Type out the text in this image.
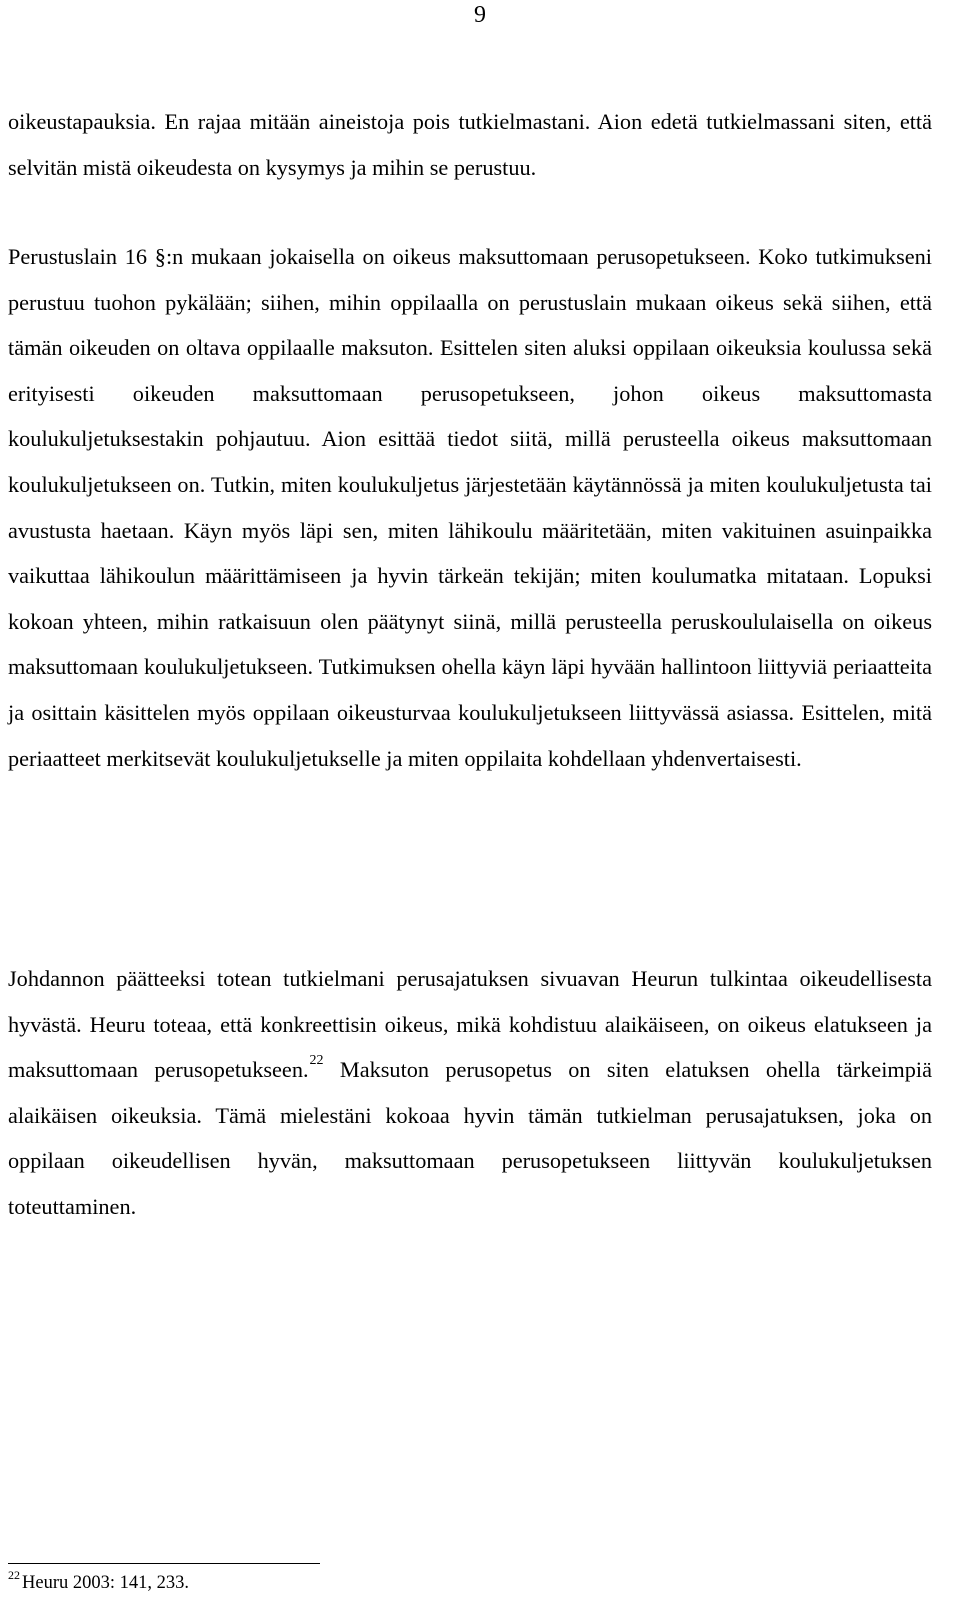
9

oikeustapauksia. En rajaa mitään aineistoja pois tutkielmastani. Aion edetä tutkielmassani siten, että selvitän mistä oikeudesta on kysymys ja mihin se perustuu.

Perustuslain 16 §:n mukaan jokaisella on oikeus maksuttomaan perusopetukseen. Koko tutkimukseni perustuu tuohon pykälään; siihen, mihin oppilaalla on perustuslain mukaan oikeus sekä siihen, että tämän oikeuden on oltava oppilaalle maksuton. Esittelen siten aluksi oppilaan oikeuksia koulussa sekä erityisesti oikeuden maksuttomaan perusopetukseen, johon oikeus maksuttomasta koulukuljetuksestakin pohjautuu. Aion esittää tiedot siitä, millä perusteella oikeus maksuttomaan koulukuljetukseen on. Tutkin, miten koulukuljetus järjestetään käytännössä ja miten koulukuljetusta tai avustusta haetaan. Käyn myös läpi sen, miten lähikoulu määritetään, miten vakituinen asuinpaikka vaikuttaa lähikoulun määrittämiseen ja hyvin tärkeän tekijän; miten koulumatka mitataan. Lopuksi kokoan yhteen, mihin ratkaisuun olen päätynyt siinä, millä perusteella peruskoululaisella on oikeus maksuttomaan koulukuljetukseen. Tutkimuksen ohella käyn läpi hyvään hallintoon liittyviä periaatteita ja osittain käsittelen myös oppilaan oikeusturvaa koulukuljetukseen liittyvässä asiassa. Esittelen, mitä periaatteet merkitsevät koulukuljetukselle ja miten oppilaita kohdellaan yhdenvertaisesti.

Johdannon päätteeksi totean tutkielmani perusajatuksen sivuavan Heurun tulkintaa oikeudellisesta hyvästä. Heuru toteaa, että konkreettisin oikeus, mikä kohdistuu alaikäiseen, on oikeus elatukseen ja maksuttomaan perusopetukseen.$^{22}$ Maksuton perusopetus on siten elatuksen ohella tärkeimpiä alaikäisen oikeuksia. Tämä mielestäni kokoaa hyvin tämän tutkielman perusajatuksen, joka on oppilaan oikeudellisen hyvän, maksuttomaan perusopetukseen liittyvän koulukuljetuksen toteuttaminen.

$^{22}$ Heuru 2003: 141, 233.
